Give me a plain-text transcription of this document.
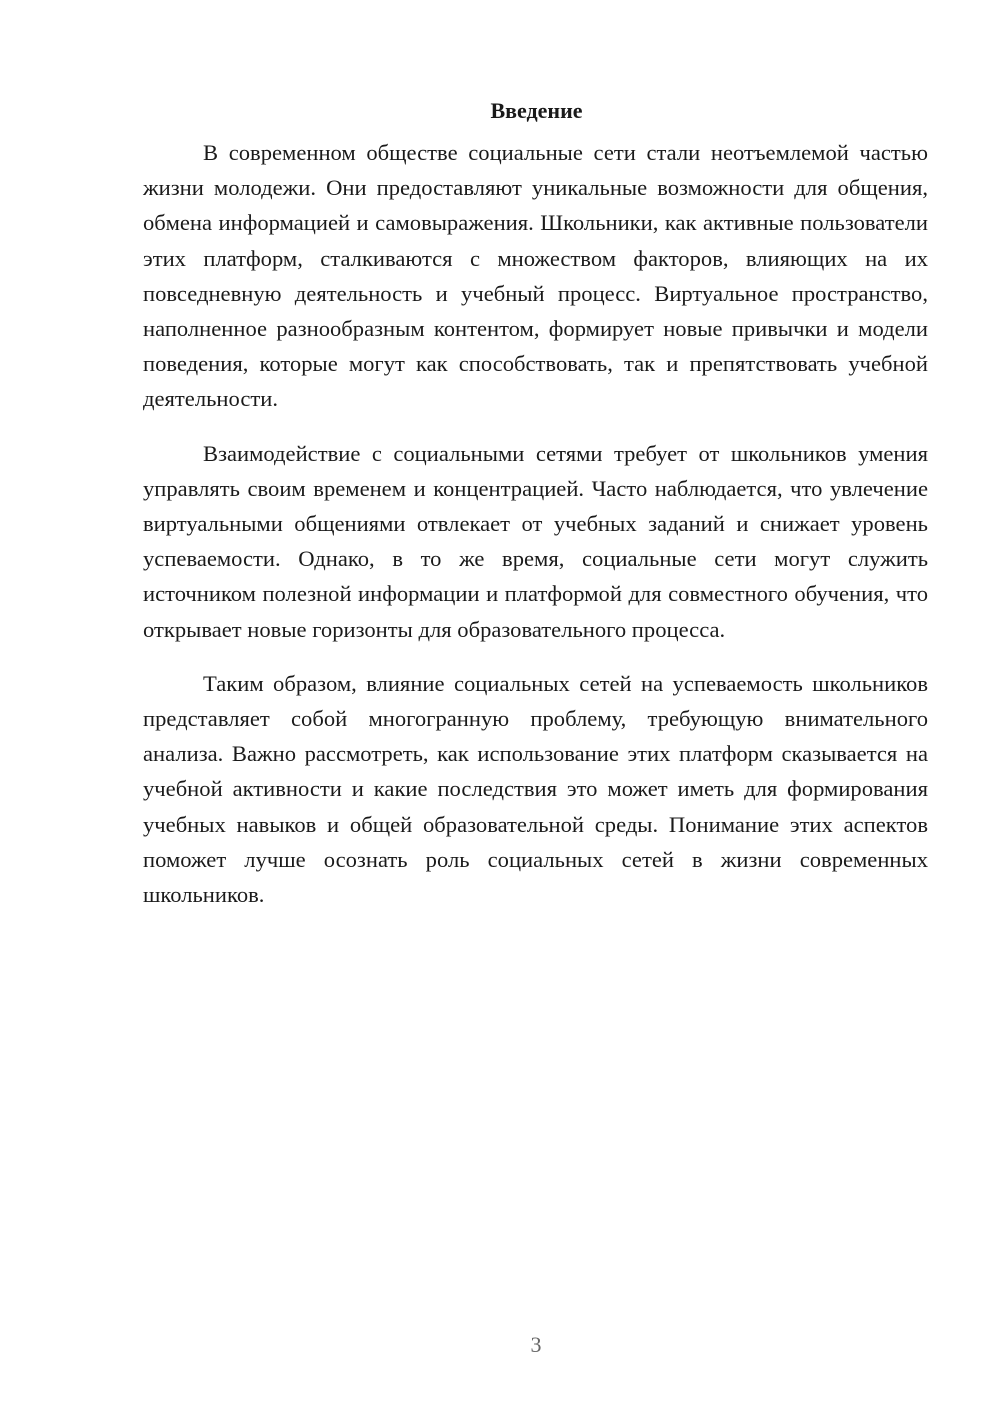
Введение

В современном обществе социальные сети стали неотъемлемой частью жизни молодежи. Они предоставляют уникальные возможности для общения, обмена информацией и самовыражения. Школьники, как активные пользователи этих платформ, сталкиваются с множеством факторов, влияющих на их повседневную деятельность и учебный процесс. Виртуальное пространство, наполненное разнообразным контентом, формирует новые привычки и модели поведения, которые могут как способствовать, так и препятствовать учебной деятельности.

Взаимодействие с социальными сетями требует от школьников умения управлять своим временем и концентрацией. Часто наблюдается, что увлечение виртуальными общениями отвлекает от учебных заданий и снижает уровень успеваемости. Однако, в то же время, социальные сети могут служить источником полезной информации и платформой для совместного обучения, что открывает новые горизонты для образовательного процесса.

Таким образом, влияние социальных сетей на успеваемость школьников представляет собой многогранную проблему, требующую внимательного анализа. Важно рассмотреть, как использование этих платформ сказывается на учебной активности и какие последствия это может иметь для формирования учебных навыков и общей образовательной среды. Понимание этих аспектов поможет лучше осознать роль социальных сетей в жизни современных школьников.

3
